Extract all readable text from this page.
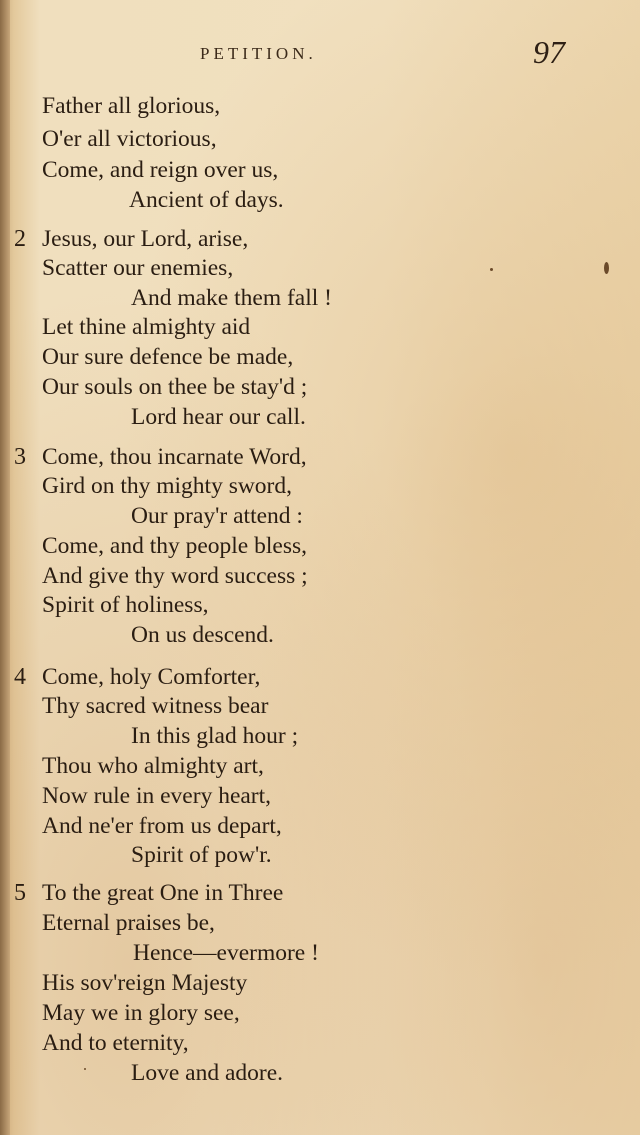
PETITION.	97
Father all glorious,
O'er all victorious,
Come, and reign over us,
Ancient of days.
2 Jesus, our Lord, arise,
Scatter our enemies,
And make them fall !
Let thine almighty aid
Our sure defence be made,
Our souls on thee be stay'd ;
Lord hear our call.
3 Come, thou incarnate Word,
Gird on thy mighty sword,
Our pray'r attend :
Come, and thy people bless,
And give thy word success ;
Spirit of holiness,
On us descend.
4 Come, holy Comforter,
Thy sacred witness bear
In this glad hour ;
Thou who almighty art,
Now rule in every heart,
And ne'er from us depart,
Spirit of pow'r.
5 To the great One in Three
Eternal praises be,
Hence—evermore !
His sov'reign Majesty
May we in glory see,
And to eternity,
Love and adore.
